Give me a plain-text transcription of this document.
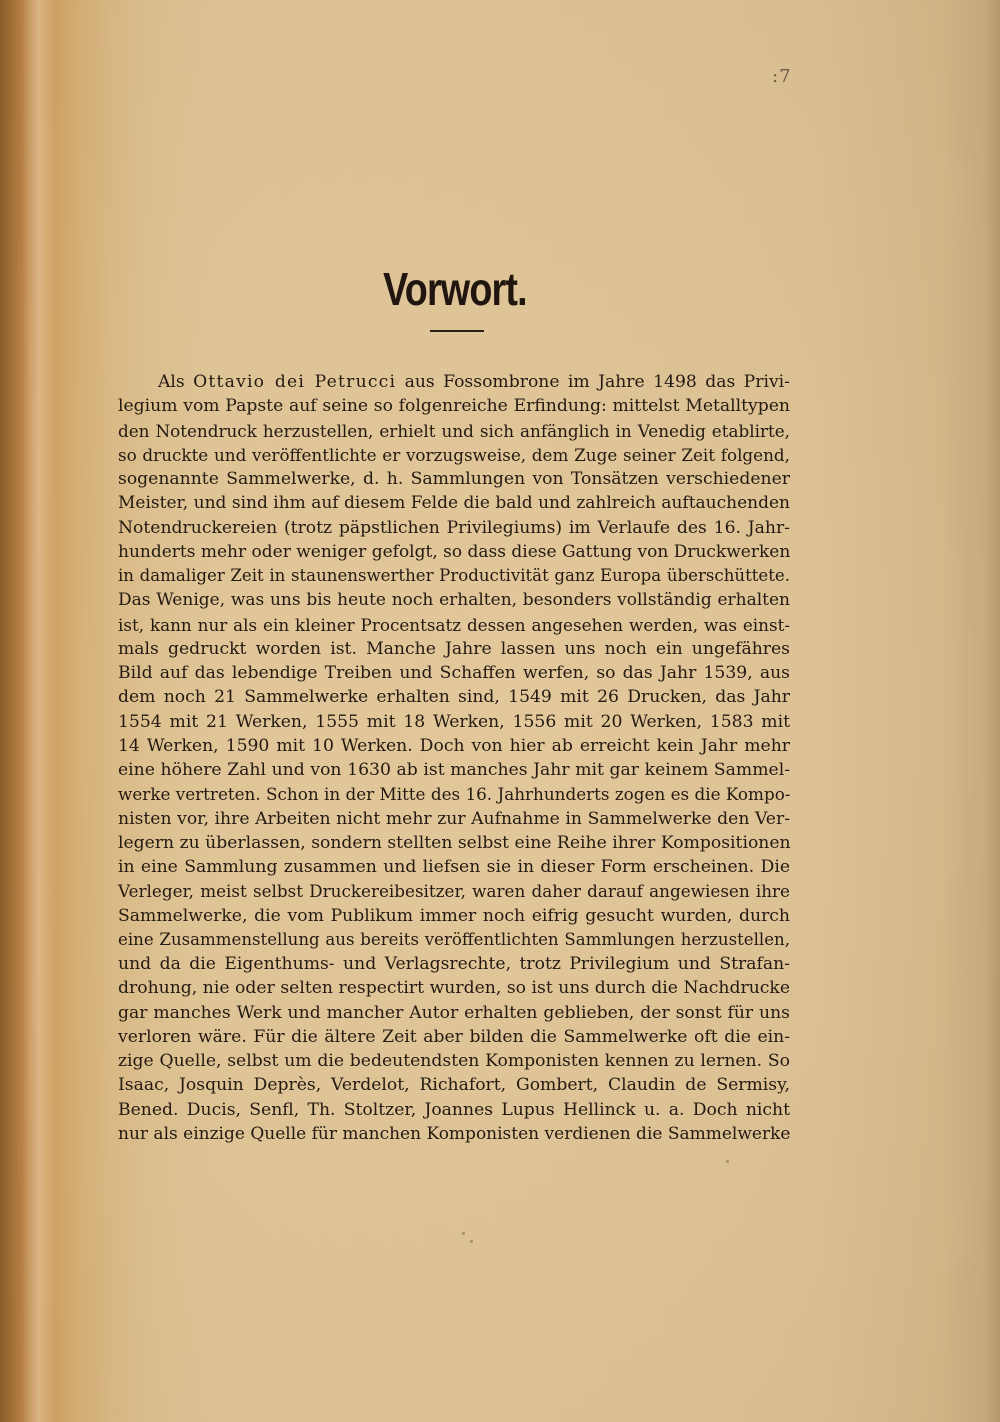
:7
Vorwort.
Als Ottavio dei Petrucci aus Fossombrone im Jahre 1498 das Privi-
legium vom Papste auf seine so folgenreiche Erfindung: mittelst Metalltypen
den Notendruck herzustellen, erhielt und sich anfänglich in Venedig etablirte,
so druckte und veröffentlichte er vorzugsweise, dem Zuge seiner Zeit folgend,
sogenannte Sammelwerke, d. h. Sammlungen von Tonsätzen verschiedener
Meister, und sind ihm auf diesem Felde die bald und zahlreich auftauchenden
Notendruckereien (trotz päpstlichen Privilegiums) im Verlaufe des 16. Jahr-
hunderts mehr oder weniger gefolgt, so dass diese Gattung von Druckwerken
in damaliger Zeit in staunenswerther Productivität ganz Europa überschüttete.
Das Wenige, was uns bis heute noch erhalten, besonders vollständig erhalten
ist, kann nur als ein kleiner Procentsatz dessen angesehen werden, was einst-
mals gedruckt worden ist. Manche Jahre lassen uns noch ein ungefähres
Bild auf das lebendige Treiben und Schaffen werfen, so das Jahr 1539, aus
dem noch 21 Sammelwerke erhalten sind, 1549 mit 26 Drucken, das Jahr
1554 mit 21 Werken, 1555 mit 18 Werken, 1556 mit 20 Werken, 1583 mit
14 Werken, 1590 mit 10 Werken. Doch von hier ab erreicht kein Jahr mehr
eine höhere Zahl und von 1630 ab ist manches Jahr mit gar keinem Sammel-
werke vertreten. Schon in der Mitte des 16. Jahrhunderts zogen es die Kompo-
nisten vor, ihre Arbeiten nicht mehr zur Aufnahme in Sammelwerke den Ver-
legern zu überlassen, sondern stellten selbst eine Reihe ihrer Kompositionen
in eine Sammlung zusammen und liefsen sie in dieser Form erscheinen. Die
Verleger, meist selbst Druckereibesitzer, waren daher darauf angewiesen ihre
Sammelwerke, die vom Publikum immer noch eifrig gesucht wurden, durch
eine Zusammenstellung aus bereits veröffentlichten Sammlungen herzustellen,
und da die Eigenthums- und Verlagsrechte, trotz Privilegium und Strafan-
drohung, nie oder selten respectirt wurden, so ist uns durch die Nachdrucke
gar manches Werk und mancher Autor erhalten geblieben, der sonst für uns
verloren wäre. Für die ältere Zeit aber bilden die Sammelwerke oft die ein-
zige Quelle, selbst um die bedeutendsten Komponisten kennen zu lernen. So
Isaac, Josquin Deprès, Verdelot, Richafort, Gombert, Claudin de Sermisy,
Bened. Ducis, Senfl, Th. Stoltzer, Joannes Lupus Hellinck u. a. Doch nicht
nur als einzige Quelle für manchen Komponisten verdienen die Sammelwerke
